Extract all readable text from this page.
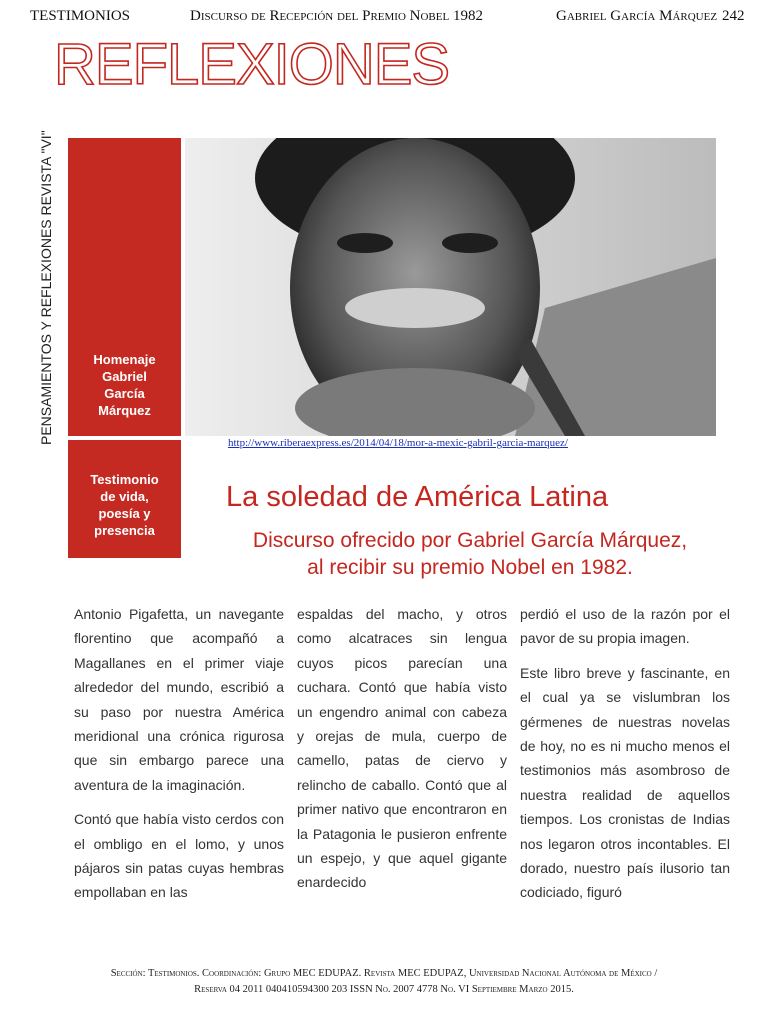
TESTIMONIOS	Discurso de Recepción del Premio Nobel 1982	Gabriel García Márquez 242
REFLEXIONES
PENSAMIENTOS Y REFLEXIONES REVISTA "VI"	Homenaje
Gabriel
García
Márquez
Testimonio
de vida,
poesía y
presencia
http://www.riberaexpress.es/2014/04/18/mor-a-mexic-gabril-garcia-marquez/
La soledad de América Latina
Discurso ofrecido por Gabriel García Márquez,
al recibir su premio Nobel en 1982.

Antonio Pigafetta, un navegante florentino que acompañó a Magallanes en el primer viaje alrededor del mundo, escribió a su paso por nuestra América meridional una crónica rigurosa que sin embargo parece una aventura de la imaginación.

Contó que había visto cerdos con el ombligo en el lomo, y unos pájaros sin patas cuyas hembras empollaban en las

espaldas del macho, y otros como alcatraces sin lengua cuyos picos parecían una cuchara. Contó que había visto un engendro animal con cabeza y orejas de mula, cuerpo de camello, patas de ciervo y relincho de caballo. Contó que al primer nativo que encontraron en la Patagonia le pusieron enfrente un espejo, y que aquel gigante enardecido

perdió el uso de la razón por el pavor de su propia imagen.

Este libro breve y fascinante, en el cual ya se vislumbran los gérmenes de nuestras novelas de hoy, no es ni mucho menos el testimonios más asombroso de nuestra realidad de aquellos tiempos. Los cronistas de Indias nos legaron otros incontables. El dorado, nuestro país ilusorio tan codiciado, figuró

Sección: Testimonios. Coordinación: Grupo MEC EDUPAZ. Revista MEC EDUPAZ, Universidad Nacional Autónoma de México /
Reserva 04 2011 040410594300 203 ISSN No. 2007 4778 No. VI Septiembre Marzo 2015.
